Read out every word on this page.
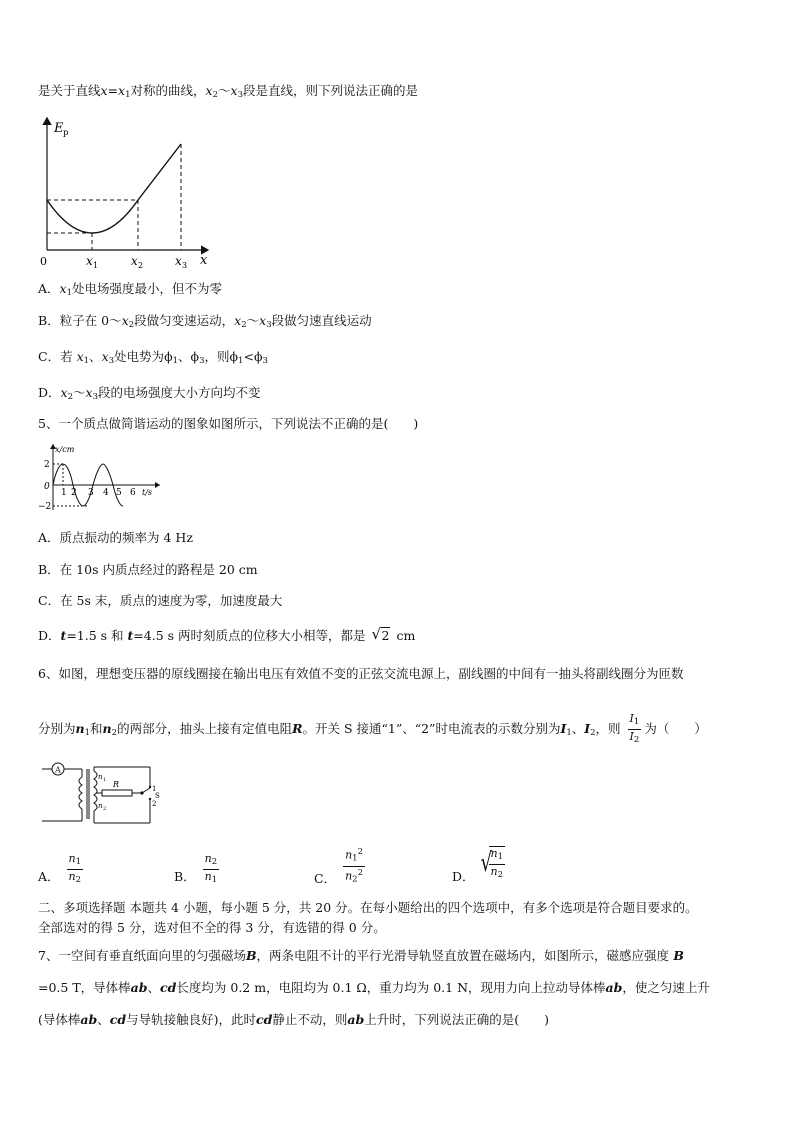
是关于直线$x=x_1$对称的曲线，$x_2\sim x_3$段是直线，则下列说法正确的是
E p
0	x 1	x 2	x 3 x
A．$x_1$处电场强度最小，但不为零
B．粒子在 $0\sim x_2$段做匀变速运动，$x_2\sim x_3$段做匀速直线运动
C．若 $x_1$、$x_3$处电势为$\phi_1$、$\phi_3$，则$\phi_1<\phi_3$
D．$x_2\sim x_3$段的电场强度大小方向均不变
5、一个质点做简谐运动的图象如图所示，下列说法不正确的是(　　)
x/cm
2
0
−2
1 2 3 4 5 6 t/s
A．质点振动的频率为 4 Hz
B．在 10s 内质点经过的路程是 20 cm
C．在 5s 末，质点的速度为零，加速度最大
D．t=1.5 s 和 t=4.5 s 两时刻质点的位移大小相等，都是 √ 2 cm
6、如图，理想变压器的原线圈接在输出电压有效值不变的正弦交流电源上，副线圈的中间有一抽头将副线圈分为匝数
分别为$n_1$和$n_2$的两部分，抽头上接有定值电阻R。开关 S 接通“1”、“2”时电流表的示数分别为$I_1$、$I_2$，则 $\frac{I_1}{I_2}$ 为（　　）
A
n 1
n 2
R	1
S
2
A． $\frac{n_1}{n_2}$	B． $\frac{n_2}{n_1}$	C． $\frac{n_1^2}{n_2^2}$	D． √
$\frac{n_1}{n_2}$
二、多项选择题 本题共 4 小题，每小题 5 分，共 20 分。在每小题给出的四个选项中，有多个选项是符合题目要求的。
全部选对的得 5 分，选对但不全的得 3 分，有选错的得 0 分。
7、一空间有垂直纸面向里的匀强磁场B，两条电阻不计的平行光滑导轨竖直放置在磁场内，如图所示，磁感应强度 B
=0.5 T，导体棒ab、cd长度均为 0.2 m，电阻均为 0.1 Ω，重力均为 0.1 N，现用力向上拉动导体棒ab，使之匀速上升
(导体棒ab、cd与导轨接触良好)，此时cd静止不动，则ab上升时，下列说法正确的是(　　)
